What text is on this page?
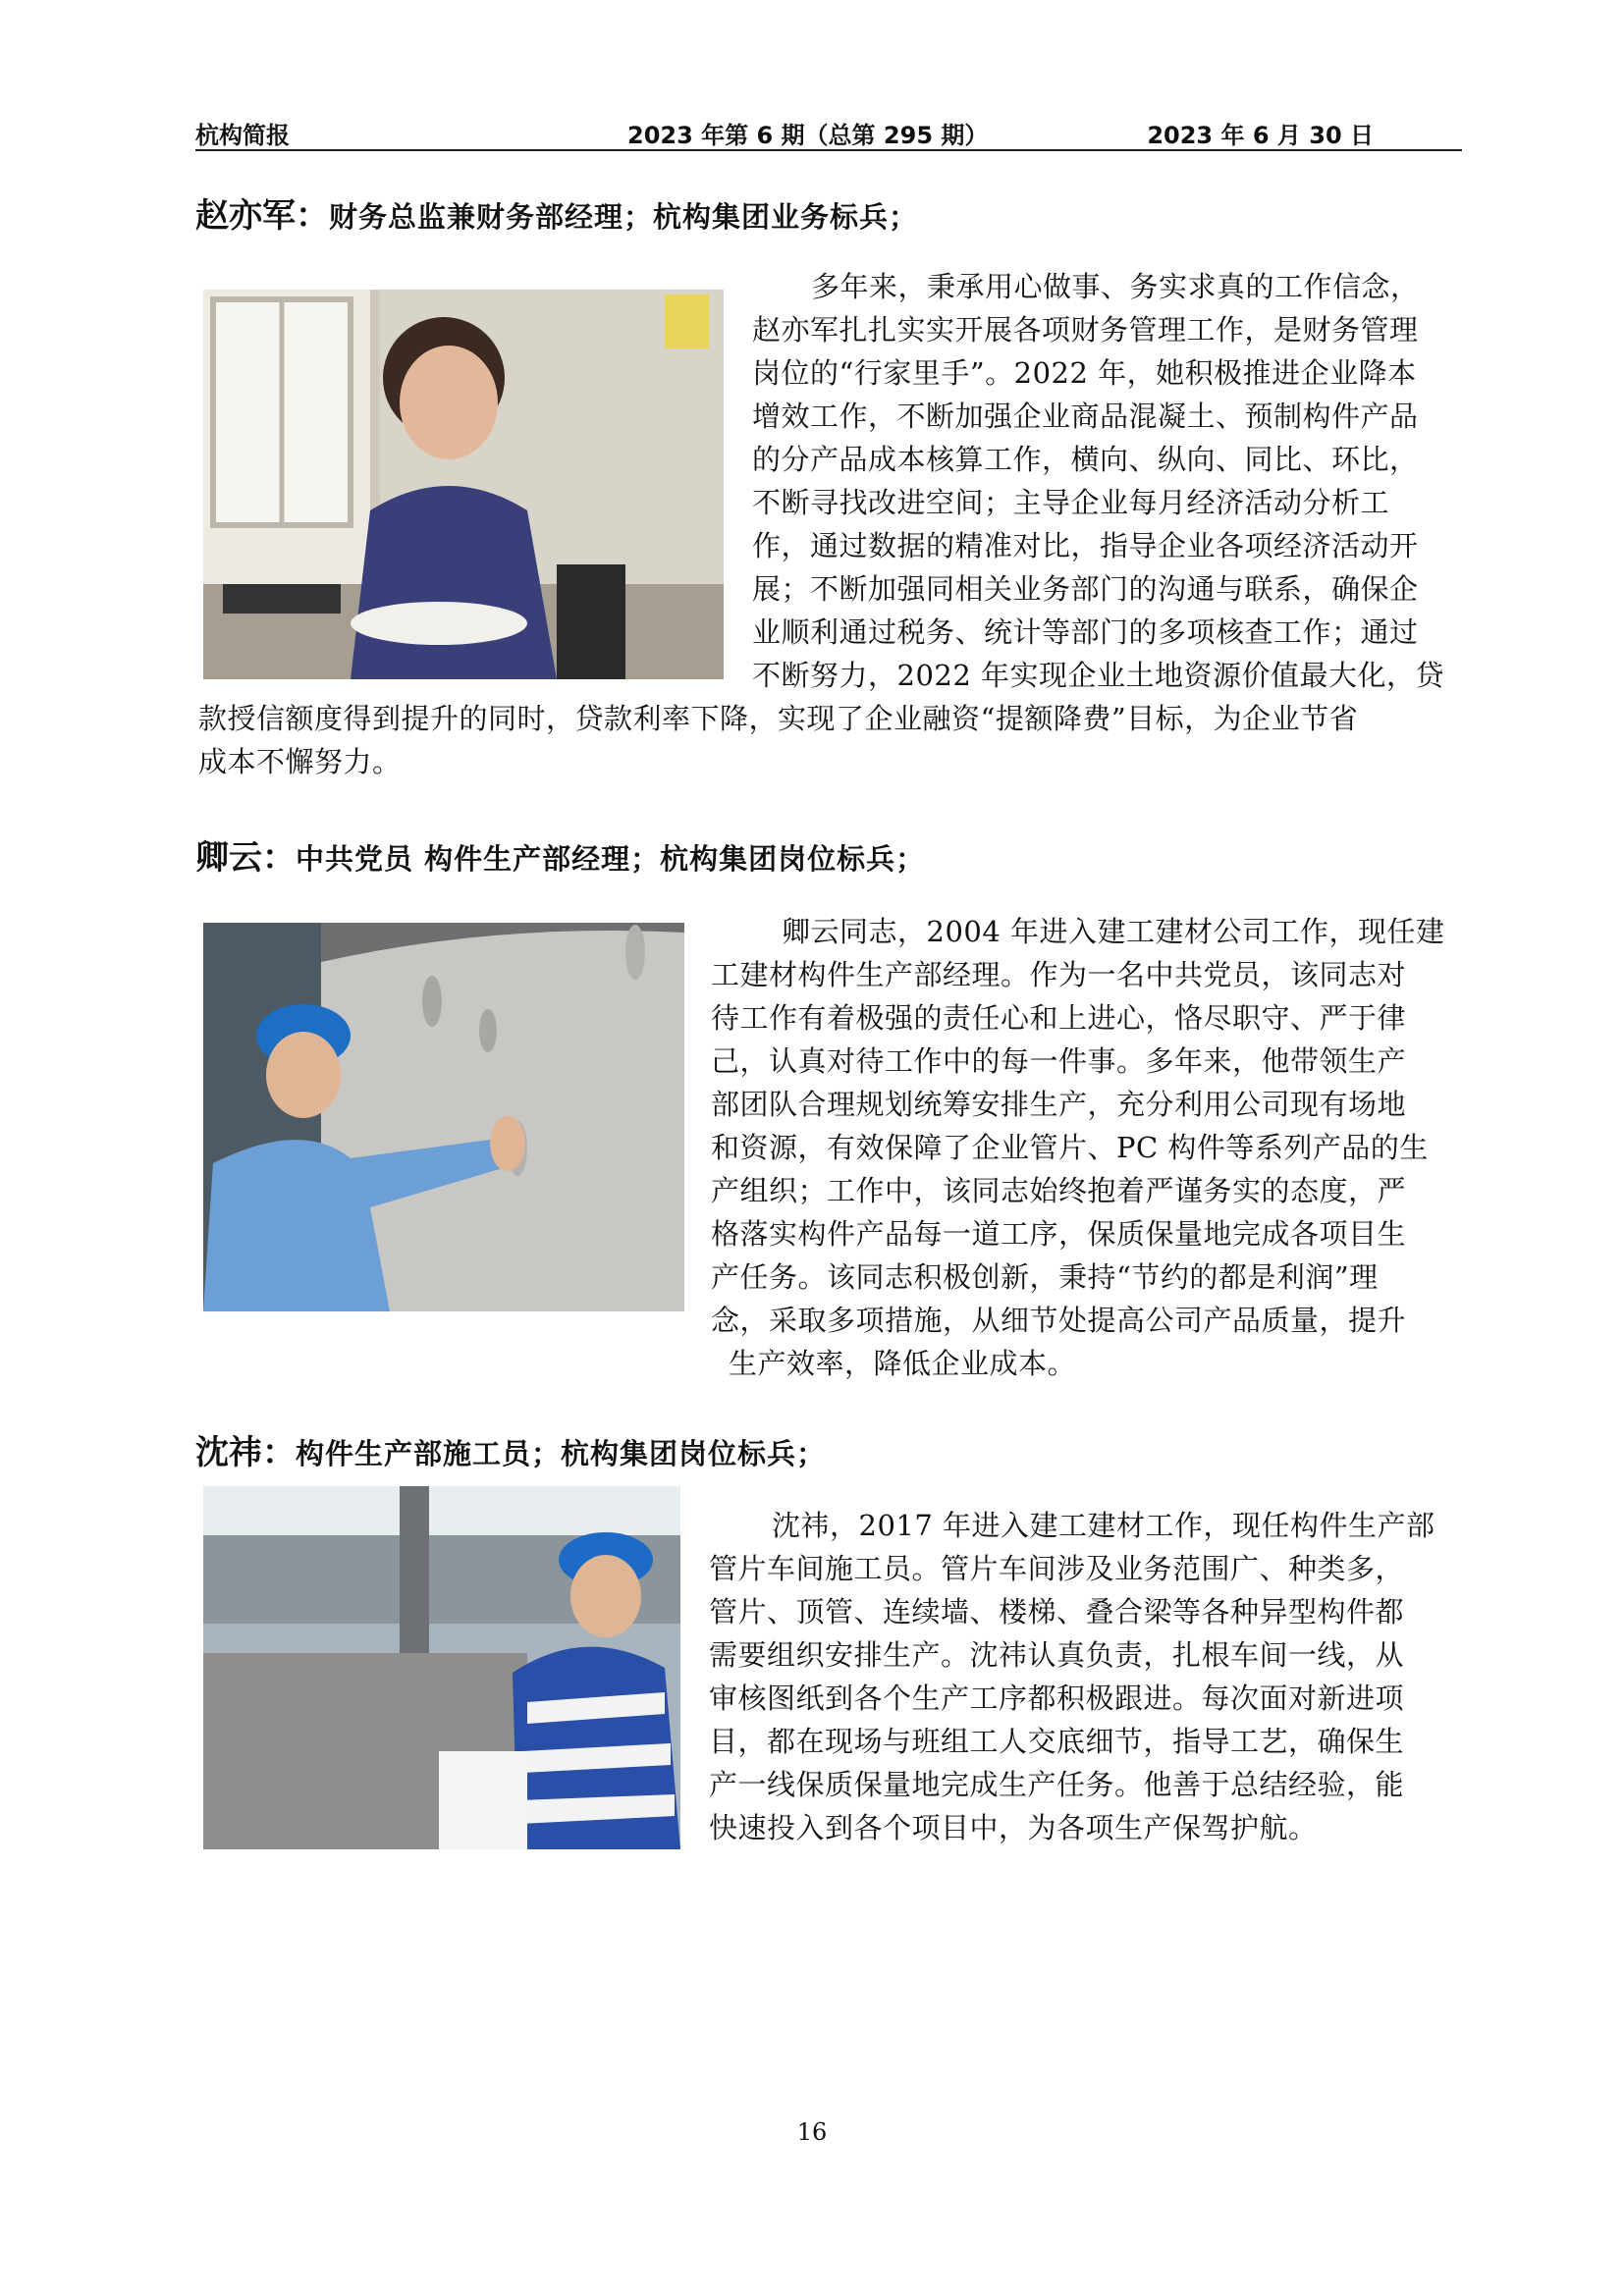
杭构简报	2023 年第 6 期（总第 295 期）	2023 年 6 月 30 日
赵亦军：财务总监兼财务部经理；杭构集团业务标兵；
多年来，秉承用心做事、务实求真的工作信念，
赵亦军扎扎实实开展各项财务管理工作，是财务管理
岗位的“行家里手”。2022 年，她积极推进企业降本
增效工作，不断加强企业商品混凝土、预制构件产品
的分产品成本核算工作，横向、纵向、同比、环比，
不断寻找改进空间；主导企业每月经济活动分析工
作，通过数据的精准对比，指导企业各项经济活动开
展；不断加强同相关业务部门的沟通与联系，确保企
业顺利通过税务、统计等部门的多项核查工作；通过
不断努力，2022 年实现企业土地资源价值最大化，贷
款授信额度得到提升的同时，贷款利率下降，实现了企业融资“提额降费”目标，为企业节省
成本不懈努力。
卿云：中共党员 构件生产部经理；杭构集团岗位标兵；
卿云同志，2004 年进入建工建材公司工作，现任建
工建材构件生产部经理。作为一名中共党员，该同志对
待工作有着极强的责任心和上进心，恪尽职守、严于律
己，认真对待工作中的每一件事。多年来，他带领生产
部团队合理规划统筹安排生产，充分利用公司现有场地
和资源，有效保障了企业管片、PC 构件等系列产品的生
产组织；工作中，该同志始终抱着严谨务实的态度，严
格落实构件产品每一道工序，保质保量地完成各项目生
产任务。该同志积极创新，秉持“节约的都是利润”理
念，采取多项措施，从细节处提高公司产品质量，提升
生产效率，降低企业成本。
沈祎：构件生产部施工员；杭构集团岗位标兵；
沈祎，2017 年进入建工建材工作，现任构件生产部
管片车间施工员。管片车间涉及业务范围广、种类多，
管片、顶管、连续墙、楼梯、叠合梁等各种异型构件都
需要组织安排生产。沈祎认真负责，扎根车间一线，从
审核图纸到各个生产工序都积极跟进。每次面对新进项
目，都在现场与班组工人交底细节，指导工艺，确保生
产一线保质保量地完成生产任务。他善于总结经验，能
快速投入到各个项目中，为各项生产保驾护航。
16
